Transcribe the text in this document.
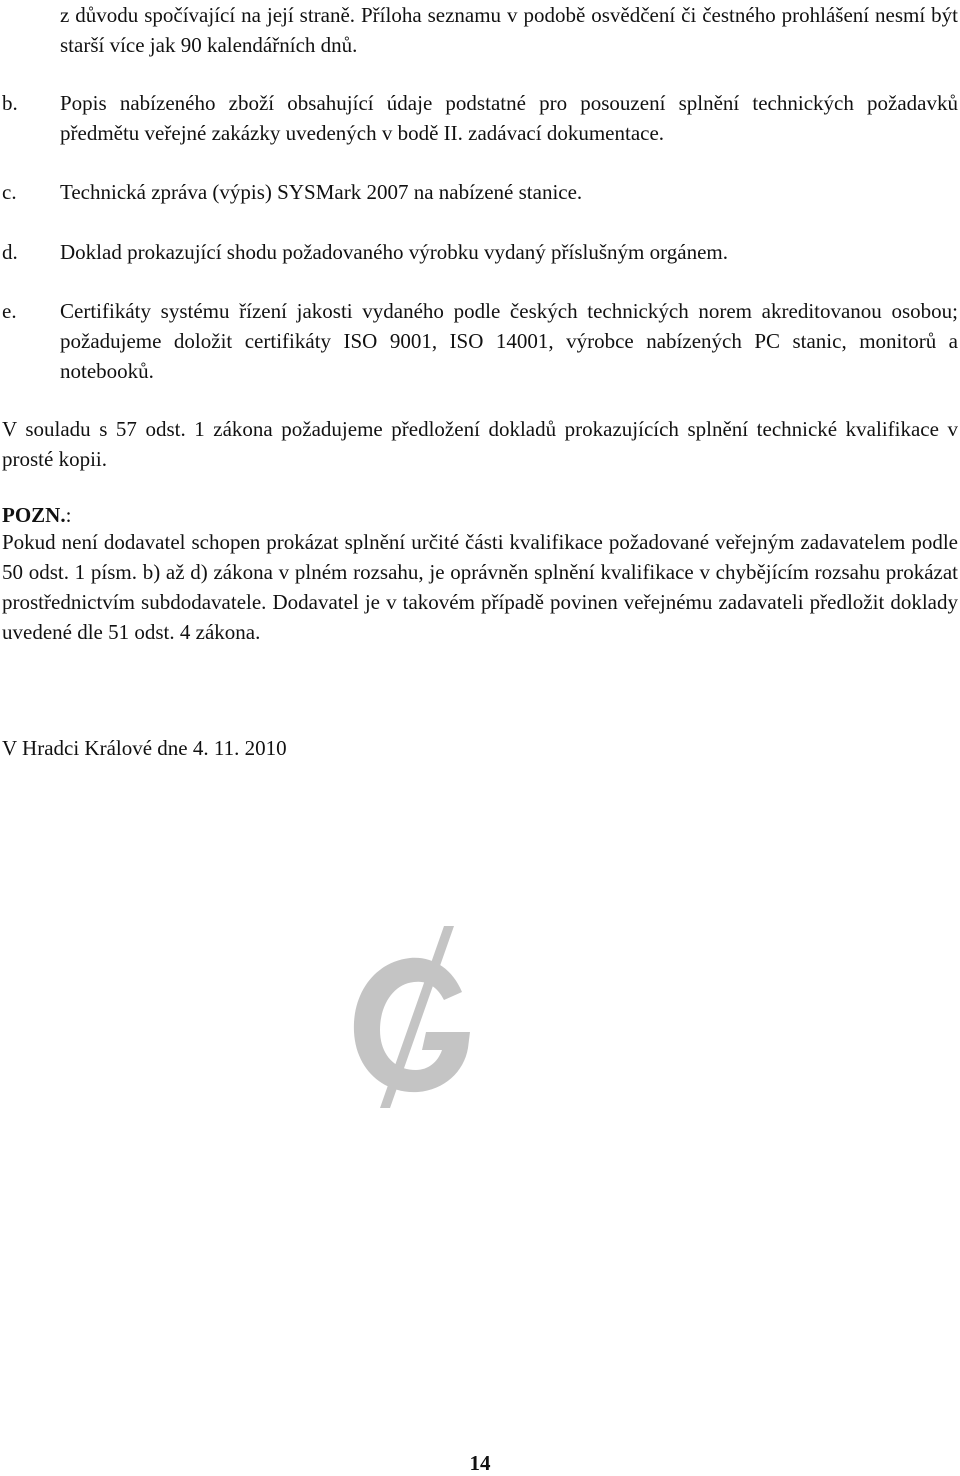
z důvodu spočívající na její straně. Příloha seznamu v podobě osvědčení či čestného prohlášení nesmí být starší více jak 90 kalendářních dnů.
b. Popis nabízeného zboží obsahující údaje podstatné pro posouzení splnění technických požadavků předmětu veřejné zakázky uvedených v bodě II. zadávací dokumentace.
c. Technická zpráva (výpis) SYSMark 2007 na nabízené stanice.
d. Doklad prokazující shodu požadovaného výrobku vydaný příslušným orgánem.
e. Certifikáty systému řízení jakosti vydaného podle českých technických norem akreditovanou osobou; požadujeme doložit certifikáty ISO 9001, ISO 14001, výrobce nabízených PC stanic, monitorů a notebooků.
V souladu s 57 odst. 1 zákona požadujeme předložení dokladů prokazujících splnění technické kvalifikace v prosté kopii.
POZN.:
Pokud není dodavatel schopen prokázat splnění určité části kvalifikace požadované veřejným zadavatelem podle 50 odst. 1 písm. b) až d) zákona v plném rozsahu, je oprávněn splnění kvalifikace v chybějícím rozsahu prokázat prostřednictvím subdodavatele. Dodavatel je v takovém případě povinen veřejnému zadavateli předložit doklady uvedené dle 51 odst. 4 zákona.
V Hradci Králové dne 4. 11. 2010
14
